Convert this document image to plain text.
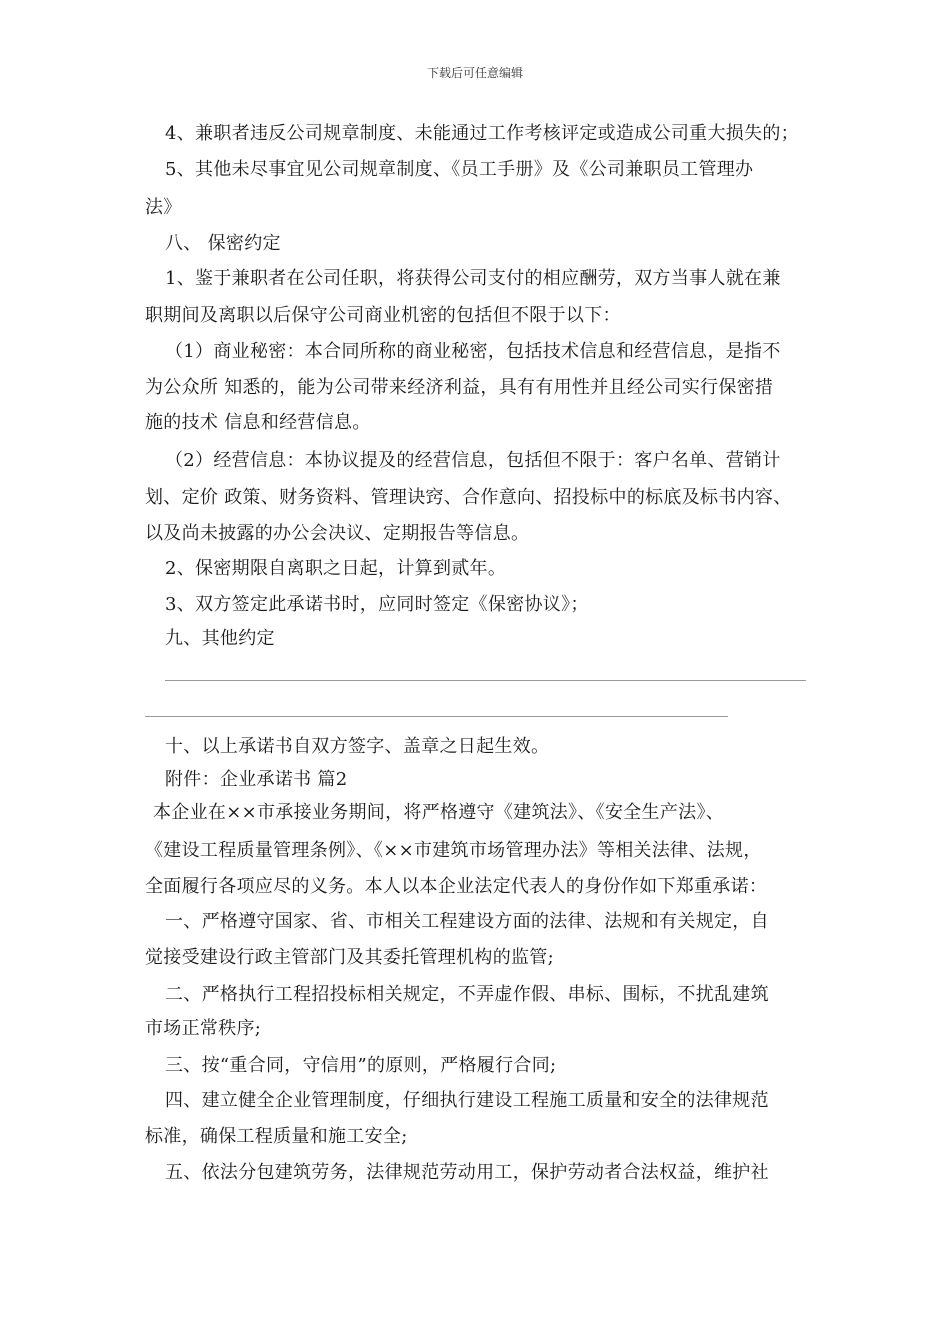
下载后可任意编辑
4、兼职者违反公司规章制度、未能通过工作考核评定或造成公司重大损失的；
5、其他未尽事宜见公司规章制度、《员工手册》及《公司兼职员工管理办
法》
八、 保密约定
1、鉴于兼职者在公司任职，将获得公司支付的相应酬劳，双方当事人就在兼
职期间及离职以后保守公司商业机密的包括但不限于以下：
（1）商业秘密：本合同所称的商业秘密，包括技术信息和经营信息，是指不
为公众所 知悉的，能为公司带来经济利益，具有有用性并且经公司实行保密措
施的技术 信息和经营信息。
（2）经营信息：本协议提及的经营信息，包括但不限于：客户名单、营销计
划、定价 政策、财务资料、管理诀窍、合作意向、招投标中的标底及标书内容、
以及尚未披露的办公会决议、定期报告等信息。
2、保密期限自离职之日起，计算到贰年。
3、双方签定此承诺书时，应同时签定《保密协议》；
九、其他约定
十、以上承诺书自双方签字、盖章之日起生效。
附件：企业承诺书 篇2
本企业在××市承接业务期间，将严格遵守《建筑法》、《安全生产法》、
《建设工程质量管理条例》、《××市建筑市场管理办法》等相关法律、法规，
全面履行各项应尽的义务。本人以本企业法定代表人的身份作如下郑重承诺：
一、严格遵守国家、省、市相关工程建设方面的法律、法规和有关规定，自
觉接受建设行政主管部门及其委托管理机构的监管;
二、严格执行工程招投标相关规定，不弄虚作假、串标、围标，不扰乱建筑
市场正常秩序;
三、按“重合同，守信用”的原则，严格履行合同;
四、建立健全企业管理制度，仔细执行建设工程施工质量和安全的法律规范
标准，确保工程质量和施工安全;
五、依法分包建筑劳务，法律规范劳动用工，保护劳动者合法权益，维护社
